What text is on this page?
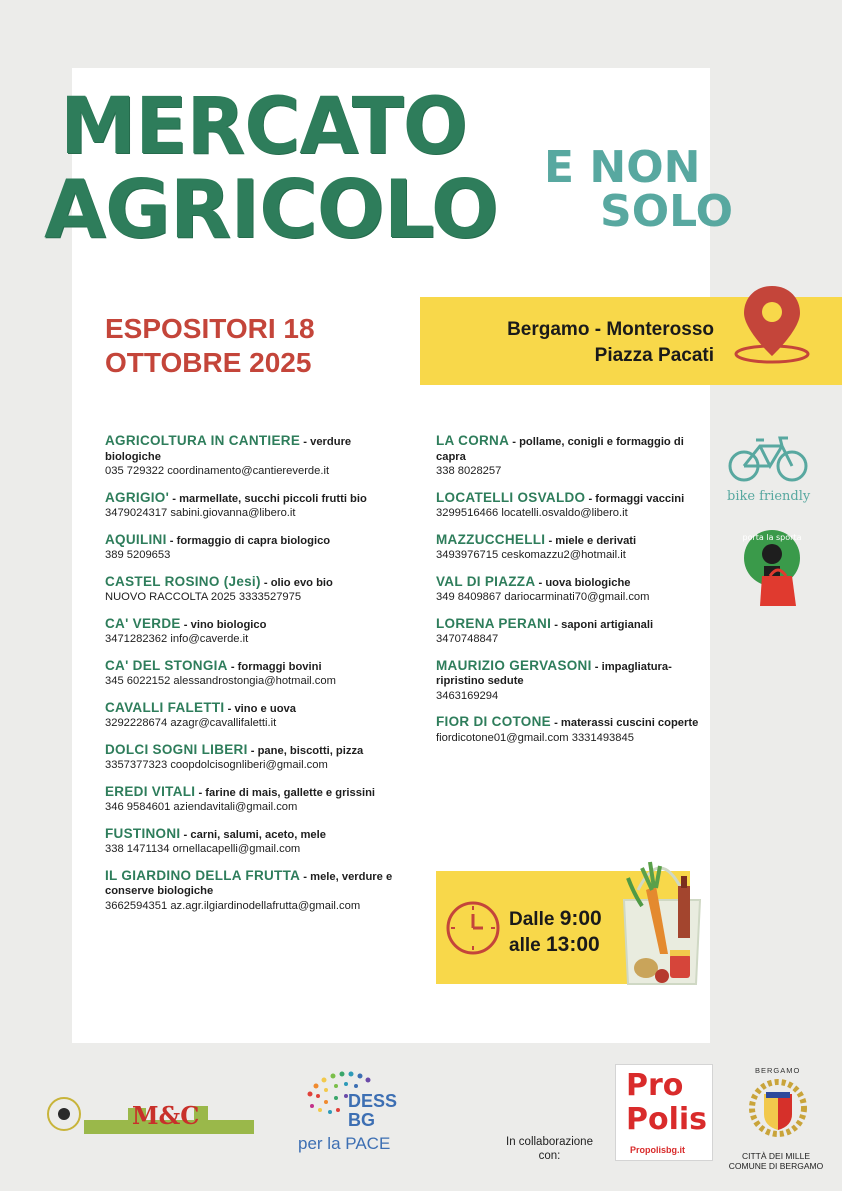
MERCATO
AGRICOLO E NON
SOLO
ESPOSITORI 18
OTTOBRE 2025
Bergamo - Monterosso
Piazza Pacati
AGRICOLTURA IN CANTIERE - verdure biologiche
035 729322 coordinamento@cantiereverde.it
AGRIGIO' - marmellate, succhi piccoli frutti bio
3479024317 sabini.giovanna@libero.it
AQUILINI - formaggio di capra biologico
389 5209653
CASTEL ROSINO (Jesi) - olio evo bio
NUOVO RACCOLTA 2025 3333527975
CA' VERDE - vino biologico
3471282362 info@caverde.it
CA' DEL STONGIA - formaggi bovini
345 6022152 alessandrostongia@hotmail.com
CAVALLI FALETTI - vino e uova
3292228674 azagr@cavallifaletti.it
DOLCI SOGNI LIBERI - pane, biscotti, pizza
3357377323 coopdolcisognliberi@gmail.com
EREDI VITALI - farine di mais, gallette e grissini
346 9584601 aziendavitali@gmail.com
FUSTINONI - carni, salumi, aceto, mele
338 1471134 ornellacapelli@gmail.com
IL GIARDINO DELLA FRUTTA - mele, verdure e conserve biologiche
3662594351 az.agr.ilgiardinodellafrutta@gmail.com
LA CORNA - pollame, conigli e formaggio di capra
338 8028257
LOCATELLI OSVALDO - formaggi vaccini
3299516466 locatelli.osvaldo@libero.it
MAZZUCCHELLI - miele e derivati
3493976715 ceskomazzu2@hotmail.it
VAL DI PIAZZA - uova biologiche
349 8409867 dariocarminati70@gmail.com
LORENA PERANI - saponi artigianali
3470748847
MAURIZIO GERVASONI - impagliatura-ripristino sedute
3463169294
FIOR DI COTONE - materassi cuscini coperte
fiordicotone01@gmail.com 3331493845
bike friendly
porta la sporta
Dalle 9:00
alle 13:00
M&C	DESS
BG
per la PACE	In collaborazione con:
Pro
Polis
Propolisbg.it
BERGAMO
CITTÀ DEI MILLE
COMUNE DI BERGAMO
